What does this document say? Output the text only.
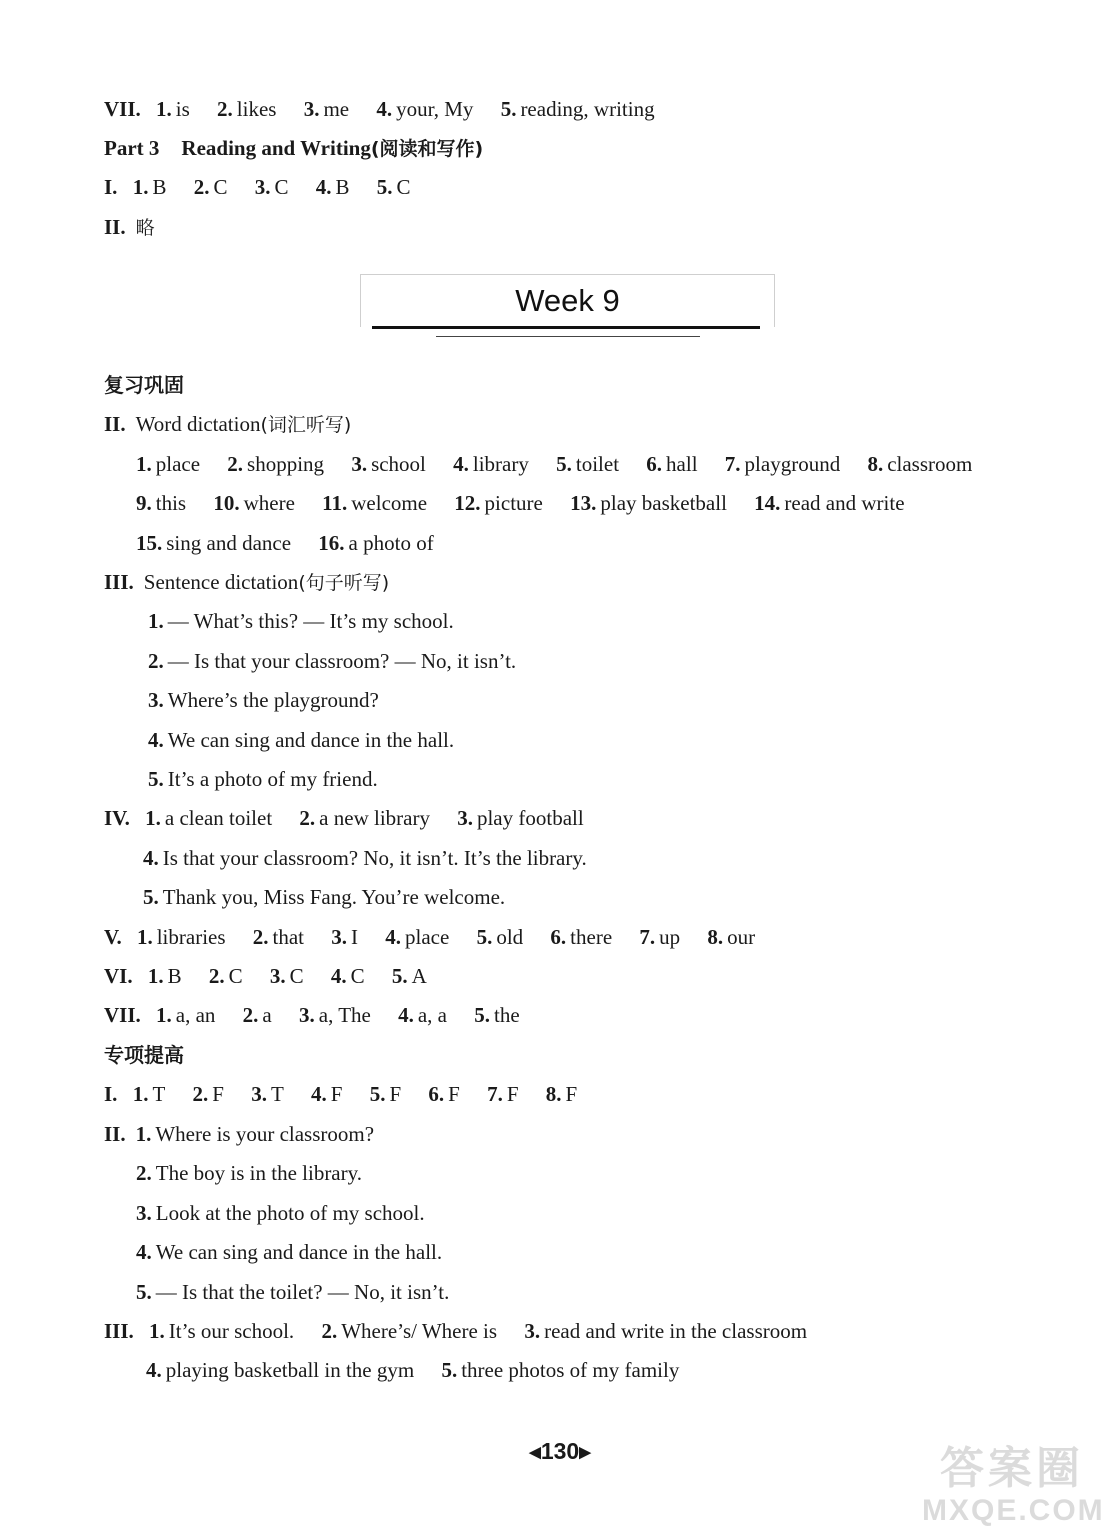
VII. 1. is 2. likes 3. me 4. your, My 5. reading, writing
Part 3 Reading and Writing(阅读和写作)
I. 1. B 2. C 3. C 4. B 5. C
II. 略
Week 9
复习巩固
II. Word dictation(词汇听写)
1. place 2. shopping 3. school 4. library 5. toilet 6. hall 7. playground 8. classroom
9. this 10. where 11. welcome 12. picture 13. play basketball 14. read and write
15. sing and dance 16. a photo of
III. Sentence dictation(句子听写)
1. — What’s this? — It’s my school.
2. — Is that your classroom? — No, it isn’t.
3. Where’s the playground?
4. We can sing and dance in the hall.
5. It’s a photo of my friend.
IV. 1. a clean toilet 2. a new library 3. play football
4. Is that your classroom? No, it isn’t. It’s the library.
5. Thank you, Miss Fang. You’re welcome.
V. 1. libraries 2. that 3. I 4. place 5. old 6. there 7. up 8. our
VI. 1. B 2. C 3. C 4. C 5. A
VII. 1. a, an 2. a 3. a, The 4. a, a 5. the
专项提高
I. 1. T 2. F 3. T 4. F 5. F 6. F 7. F 8. F
II. 1. Where is your classroom?
2. The boy is in the library.
3. Look at the photo of my school.
4. We can sing and dance in the hall.
5. — Is that the toilet? — No, it isn’t.
III. 1. It’s our school. 2. Where’s/ Where is 3. read and write in the classroom
4. playing basketball in the gym 5. three photos of my family
◀130▶	答案圈
MXQE.COM
